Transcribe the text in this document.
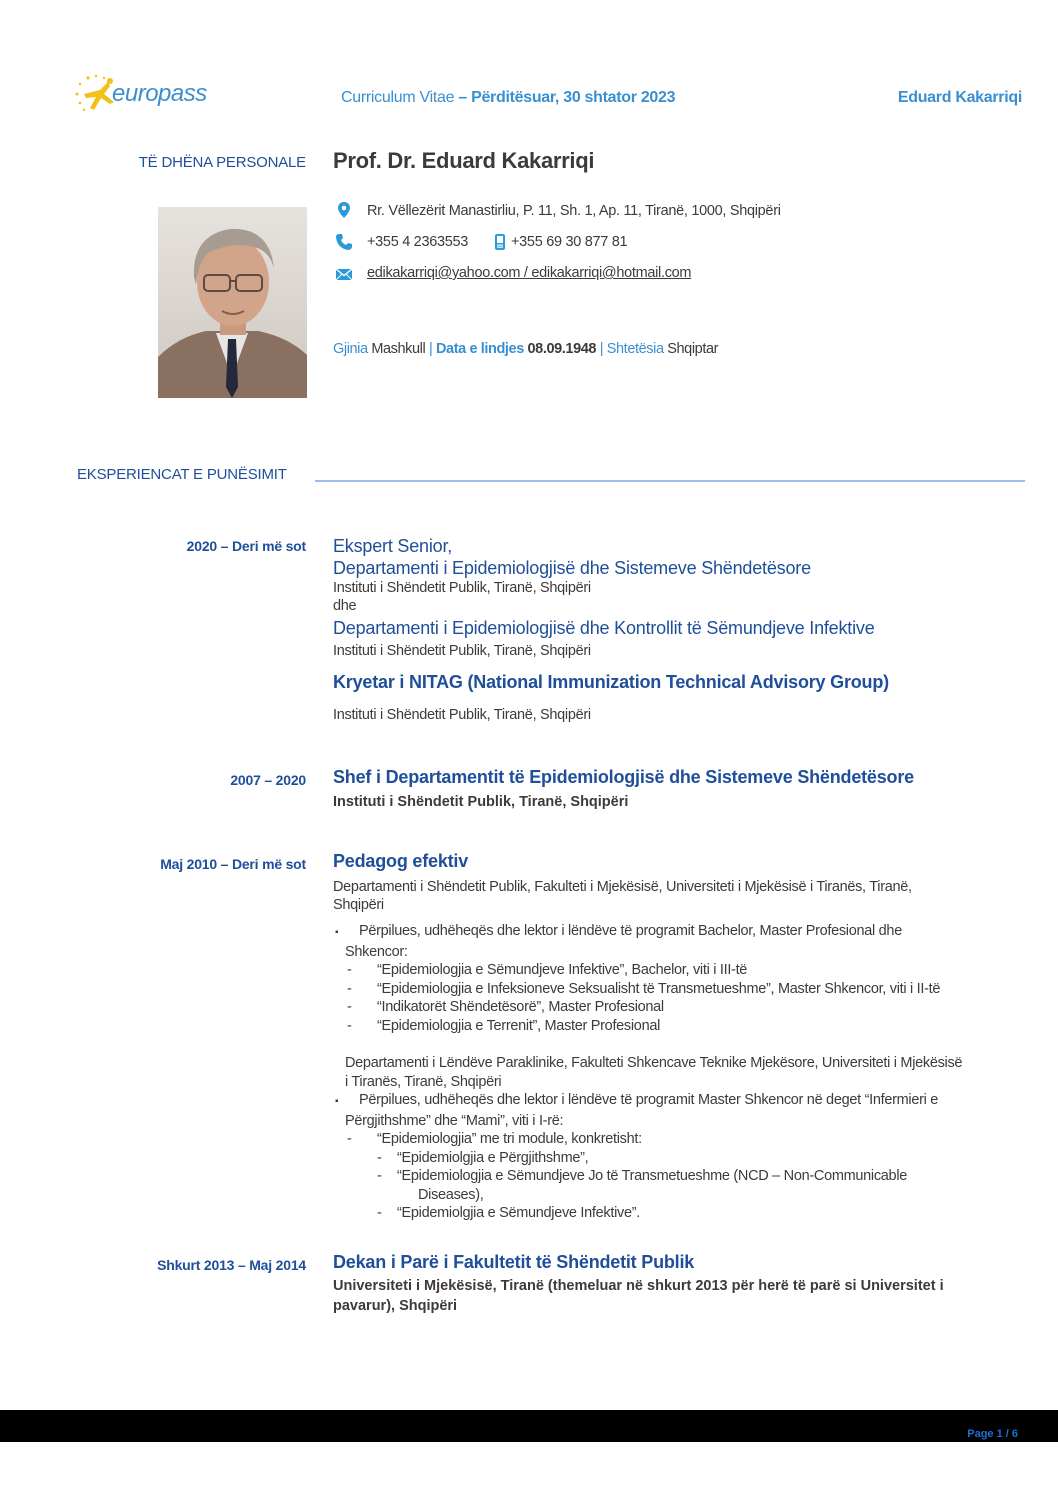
europass	Curriculum Vitae – Përditësuar, 30 shtator 2023	Eduard Kakarriqi
TË DHËNA PERSONALE Prof. Dr. Eduard Kakarriqi
Rr. Vëllezërit Manastirliu, P. 11, Sh. 1, Ap. 11, Tiranë, 1000, Shqipëri
+355 4 2363553	+355 69 30 877 81
edikakarriqi@yahoo.com / edikakarriqi@hotmail.com
Gjinia Mashkull | Data e lindjes 08.09.1948 | Shtetësia Shqiptar
EKSPERIENCAT E PUNËSIMIT
2020 – Deri më sot Ekspert Senior,
Departamenti i Epidemiologjisë dhe Sistemeve Shëndetësore
Instituti i Shëndetit Publik, Tiranë, Shqipëri
dhe
Departamenti i Epidemiologjisë dhe Kontrollit të Sëmundjeve Infektive
Instituti i Shëndetit Publik, Tiranë, Shqipëri
Kryetar i NITAG (National Immunization Technical Advisory Group)
Instituti i Shëndetit Publik, Tiranë, Shqipëri
2007 – 2020 Shef i Departamentit të Epidemiologjisë dhe Sistemeve Shëndetësore
Instituti i Shëndetit Publik, Tiranë, Shqipëri
Maj 2010 – Deri më sot Pedagog efektiv
Departamenti i Shëndetit Publik, Fakulteti i Mjekësisë, Universiteti i Mjekësisë i Tiranës, Tiranë,
Shqipëri
▪ Përpilues, udhëheqës dhe lektor i lëndëve të programit Bachelor, Master Profesional dhe
Shkencor:
- “Epidemiologjia e Sëmundjeve Infektive”, Bachelor, viti i III-të
- “Epidemiologjia e Infeksioneve Seksualisht të Transmetueshme”, Master Shkencor, viti i II-të
- “Indikatorët Shëndetësorë”, Master Profesional
- “Epidemiologjia e Terrenit”, Master Profesional
Departamenti i Lëndëve Paraklinike, Fakulteti Shkencave Teknike Mjekësore, Universiteti i Mjekësisë
i Tiranës, Tiranë, Shqipëri
▪ Përpilues, udhëheqës dhe lektor i lëndëve të programit Master Shkencor në deget “Infermieri e
Përgjithshme” dhe “Mami”, viti i I-rë:
- “Epidemiologjia” me tri module, konkretisht:
- “Epidemiolgjia e Përgjithshme”,
- “Epidemiologjia e Sëmundjeve Jo të Transmetueshme (NCD – Non-Communicable
Diseases),
- “Epidemiolgjia e Sëmundjeve Infektive”.
Shkurt 2013 – Maj 2014 Dekan i Parë i Fakultetit të Shëndetit Publik
Universiteti i Mjekësisë, Tiranë (themeluar në shkurt 2013 për herë të parë si Universitet i
pavarur), Shqipëri
Page 1 / 6
